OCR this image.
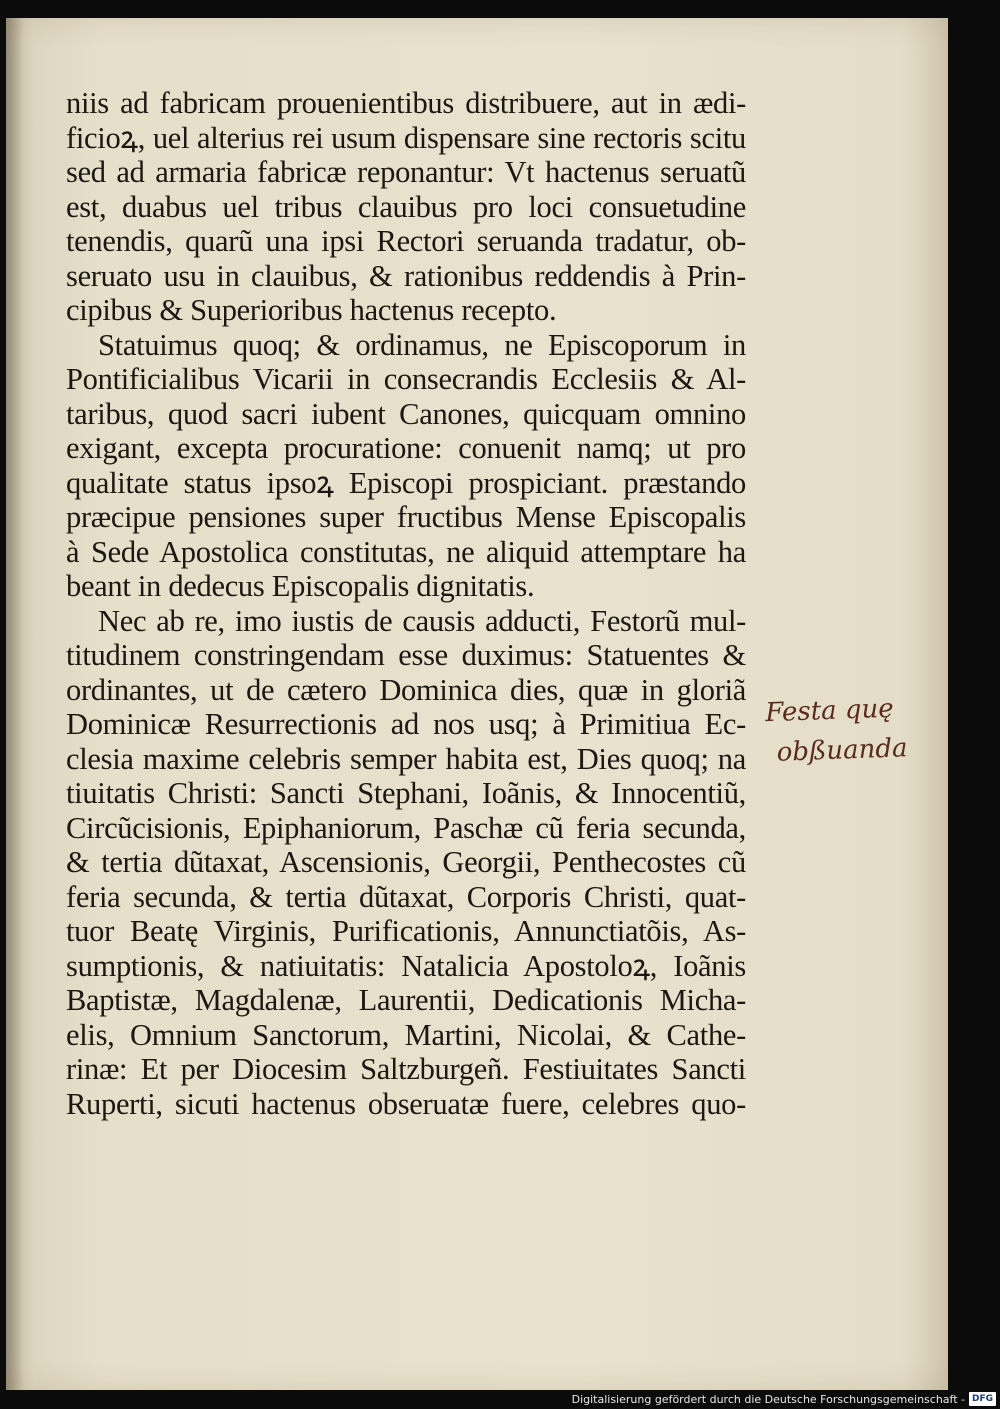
niis ad fabricam prouenientibus distribuere, aut in ædi-
ficioꝝ, uel alterius rei usum dispensare sine rectoris scitu
sed ad armaria fabricæ reponantur: Vt hactenus seruatũ
est, duabus uel tribus clauibus pro loci consuetudine
tenendis, quarũ una ipsi Rectori seruanda tradatur, ob-
seruato usu in clauibus, & rationibus reddendis à Prin-
cipibus & Superioribus hactenus recepto.
Statuimus quoq; & ordinamus, ne Episcoporum in
Pontificialibus Vicarii in consecrandis Ecclesiis & Al-
taribus, quod sacri iubent Canones, quicquam omnino
exigant, excepta procuratione: conuenit namq; ut pro
qualitate status ipsoꝝ Episcopi prospiciant. præstando
præcipue pensiones super fructibus Mense Episcopalis
à Sede Apostolica constitutas, ne aliquid attemptare ha
beant in dedecus Episcopalis dignitatis.
Nec ab re, imo iustis de causis adducti, Festorũ mul-
titudinem constringendam esse duximus: Statuentes &
ordinantes, ut de cætero Dominica dies, quæ in gloriã
Dominicæ Resurrectionis ad nos usq; à Primitiua Ec-
clesia maxime celebris semper habita est, Dies quoq; na
tiuitatis Christi: Sancti Stephani, Ioãnis, & Innocentiũ,
Circũcisionis, Epiphaniorum, Paschæ cũ feria secunda,
& tertia dũtaxat, Ascensionis, Georgii, Penthecostes cũ
feria secunda, & tertia dũtaxat, Corporis Christi, quat-
tuor Beatę Virginis, Purificationis, Annunctiatõis, As-
sumptionis, & natiuitatis: Natalicia Apostoloꝝ, Ioãnis
Baptistæ, Magdalenæ, Laurentii, Dedicationis Micha-
elis, Omnium Sanctorum, Martini, Nicolai, & Cathe-
rinæ: Et per Diocesim Saltzburgeñ. Festiuitates Sancti
Ruperti, sicuti hactenus obseruatæ fuere, celebres quo-
Festa quę
obßuanda
Digitalisierung gefördert durch die Deutsche Forschungsgemeinschaft - DFG
